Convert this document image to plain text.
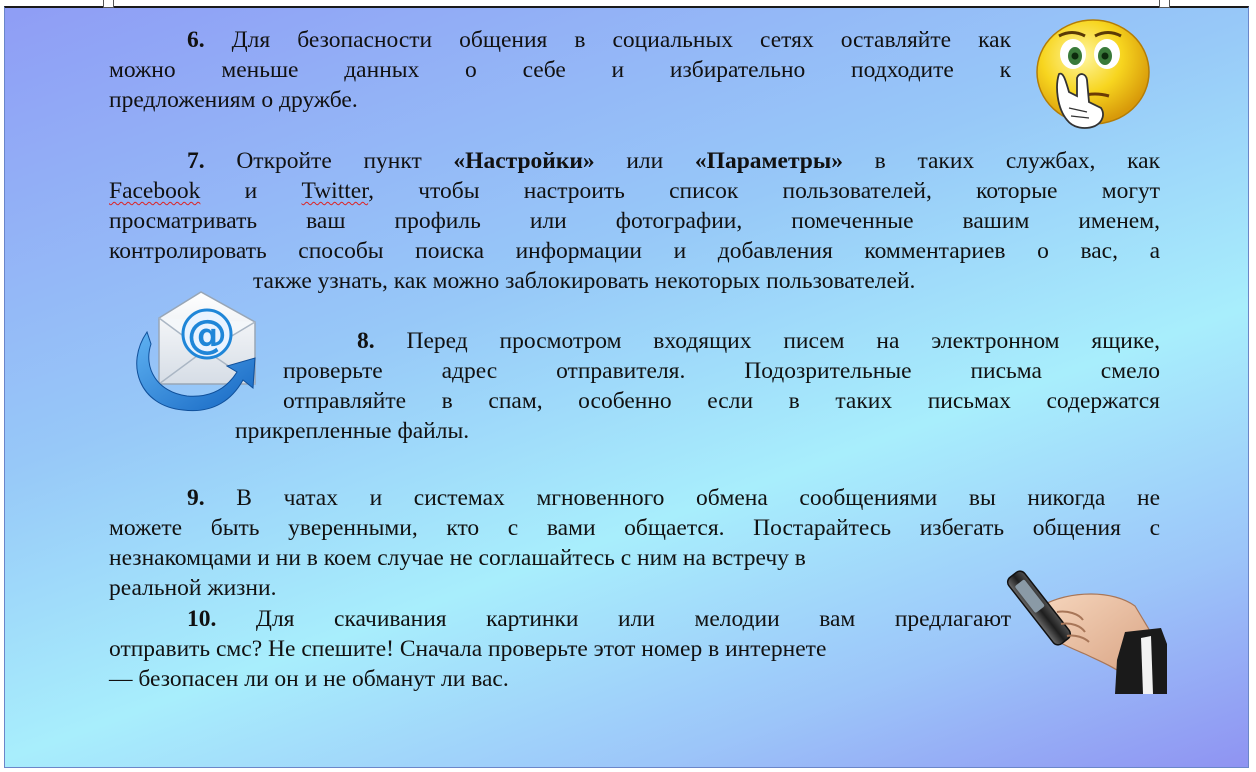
6. Для безопасности общения в социальных сетях оставляйте как
можно меньше данных о себе и избирательно подходите к
предложениям о дружбе.
7. Откройте пункт «Настройки» или «Параметры» в таких службах, как
Facebook и Twitter, чтобы настроить список пользователей, которые могут
просматривать ваш профиль или фотографии, помеченные вашим именем,
контролировать способы поиска информации и добавления комментариев о вас, а
также узнать, как можно заблокировать некоторых пользователей.
8. Перед просмотром входящих писем на электронном ящике,
проверьте адрес отправителя. Подозрительные письма смело
отправляйте в спам, особенно если в таких письмах содержатся
прикрепленные файлы.
9. В чатах и системах мгновенного обмена сообщениями вы никогда не
можете быть уверенными, кто с вами общается. Постарайтесь избегать общения с
незнакомцами и ни в коем случае не соглашайтесь с ним на встречу в
реальной жизни.
10. Для скачивания картинки или мелодии вам предлагают
отправить смс? Не спешите! Сначала проверьте этот номер в интернете
— безопасен ли он и не обманут ли вас.
@
